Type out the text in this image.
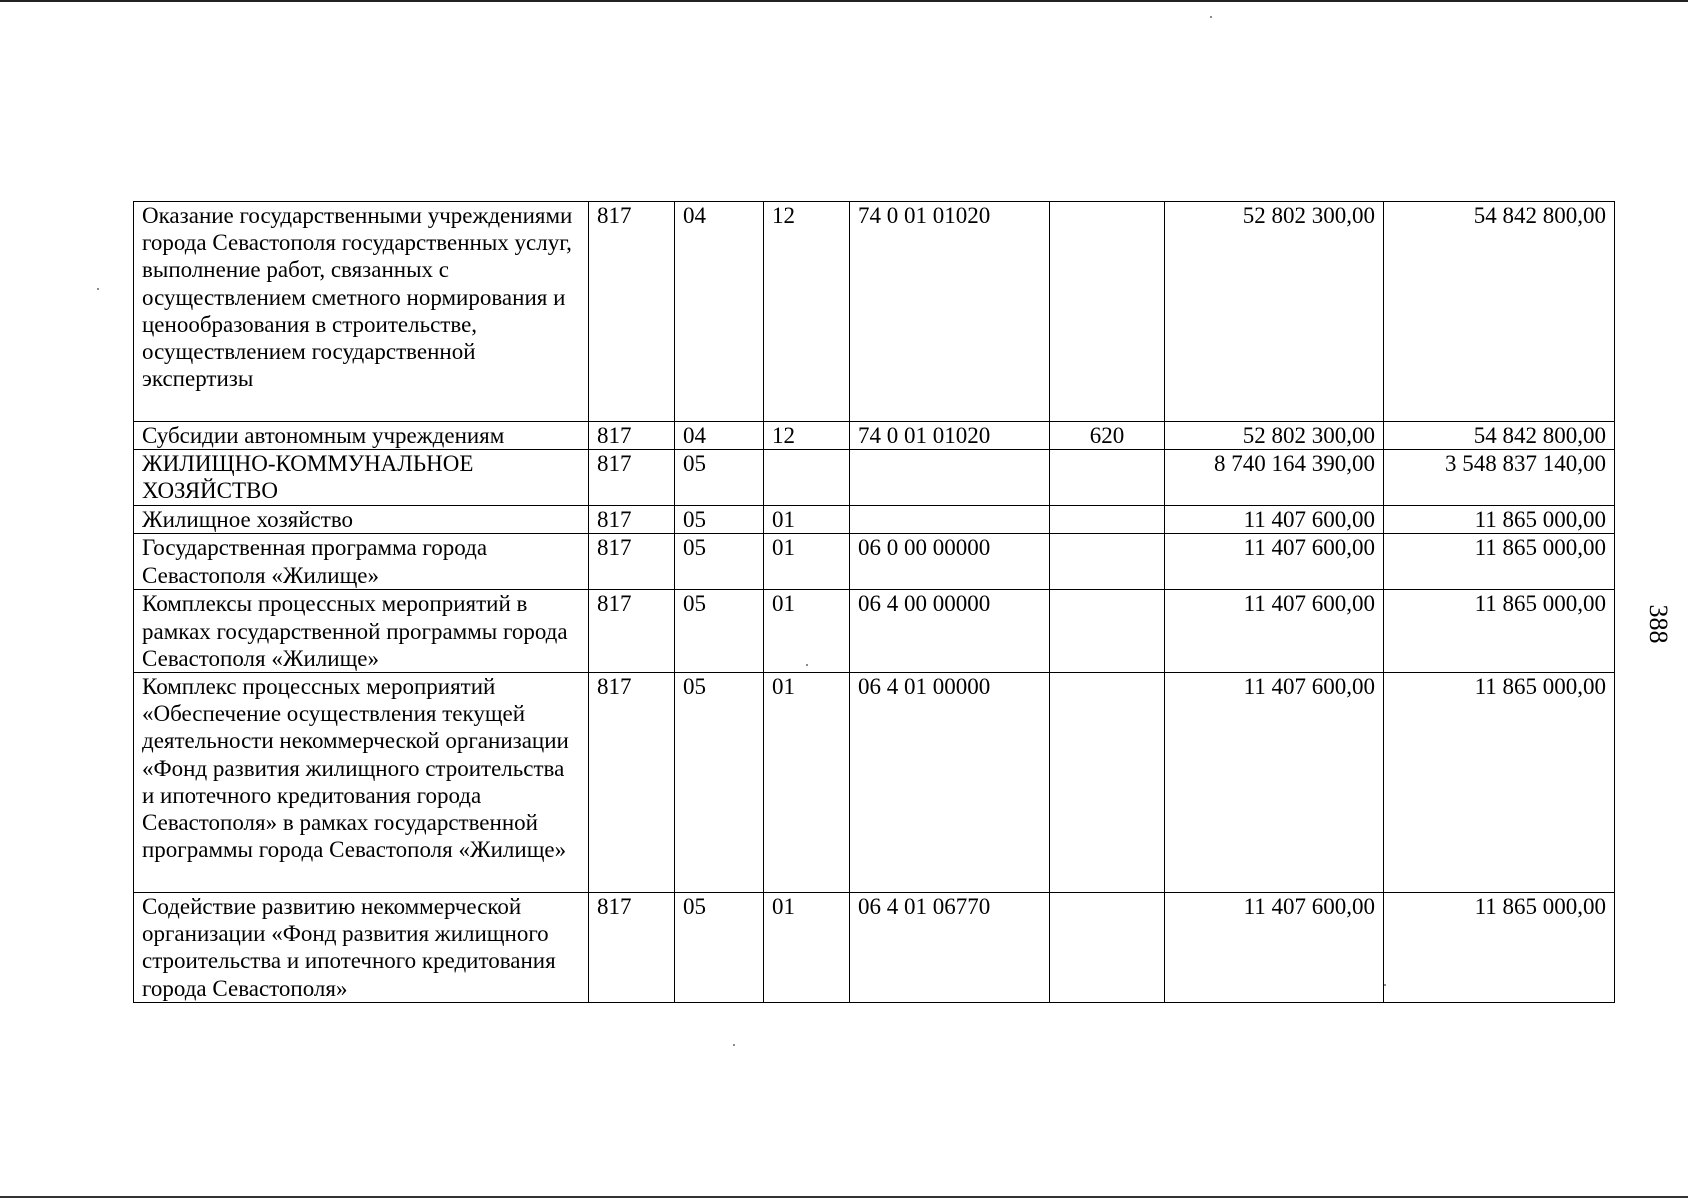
Оказание государственными учреждениями города Севастополя государственных услуг, выполнение работ, связанных с осуществлением сметного нормирования и ценообразования в строительстве, осуществлением государственной экспертизы	817	04	12	74 0 01 01020		52 802 300,00	54 842 800,00
Субсидии автономным учреждениям	817	04	12	74 0 01 01020	620	52 802 300,00	54 842 800,00
ЖИЛИЩНО-КОММУНАЛЬНОЕ ХОЗЯЙСТВО	817	05				8 740 164 390,00	3 548 837 140,00
Жилищное хозяйство	817	05	01			11 407 600,00	11 865 000,00
Государственная программа города Севастополя «Жилище»	817	05	01	06 0 00 00000		11 407 600,00	11 865 000,00
Комплексы процессных мероприятий в рамках государственной программы города Севастополя «Жилище»	817	05	01	06 4 00 00000		11 407 600,00	11 865 000,00
Комплекс процессных мероприятий «Обеспечение осуществления текущей деятельности некоммерческой организации «Фонд развития жилищного строительства и ипотечного кредитования города Севастополя» в рамках государственной программы города Севастополя «Жилище»	817	05	01	06 4 01 00000		11 407 600,00	11 865 000,00
Содействие развитию некоммерческой организации «Фонд развития жилищного строительства и ипотечного кредитования города Севастополя»	817	05	01	06 4 01 06770		11 407 600,00	11 865 000,00
388
